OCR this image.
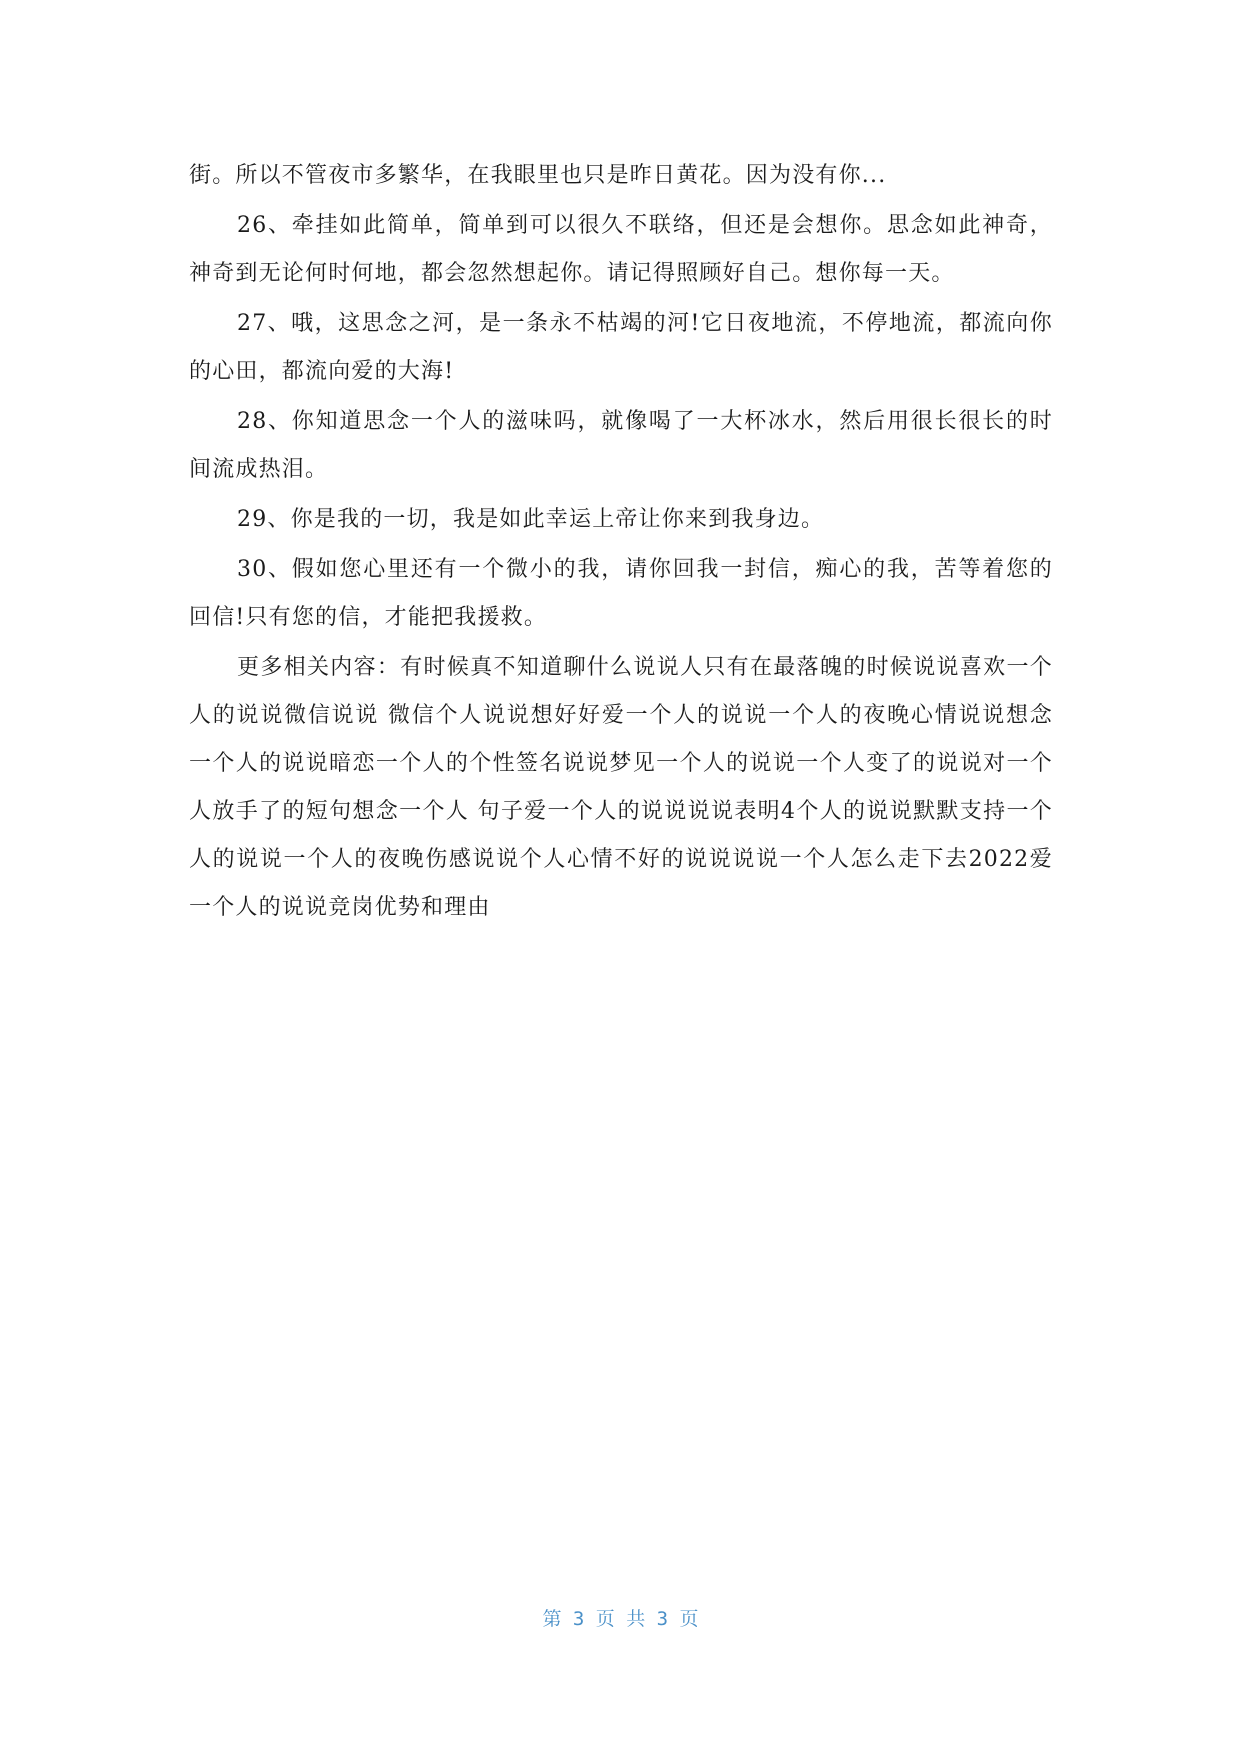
街。所以不管夜市多繁华，在我眼里也只是昨日黄花。因为没有你...

26、牵挂如此简单，简单到可以很久不联络，但还是会想你。思念如此神奇，神奇到无论何时何地，都会忽然想起你。请记得照顾好自己。想你每一天。

27、哦，这思念之河，是一条永不枯竭的河!它日夜地流，不停地流，都流向你的心田，都流向爱的大海!

28、你知道思念一个人的滋味吗，就像喝了一大杯冰水，然后用很长很长的时间流成热泪。

29、你是我的一切，我是如此幸运上帝让你来到我身边。

30、假如您心里还有一个微小的我，请你回我一封信，痴心的我，苦等着您的回信!只有您的信，才能把我援救。

更多相关内容：有时候真不知道聊什么说说人只有在最落魄的时候说说喜欢一个人的说说微信说说 微信个人说说想好好爱一个人的说说一个人的夜晚心情说说想念一个人的说说暗恋一个人的个性签名说说梦见一个人的说说一个人变了的说说对一个人放手了的短句想念一个人 句子爱一个人的说说说说表明4个人的说说默默支持一个人的说说一个人的夜晚伤感说说个人心情不好的说说说说一个人怎么走下去2022爱一个人的说说竞岗优势和理由

第 3 页 共 3 页
